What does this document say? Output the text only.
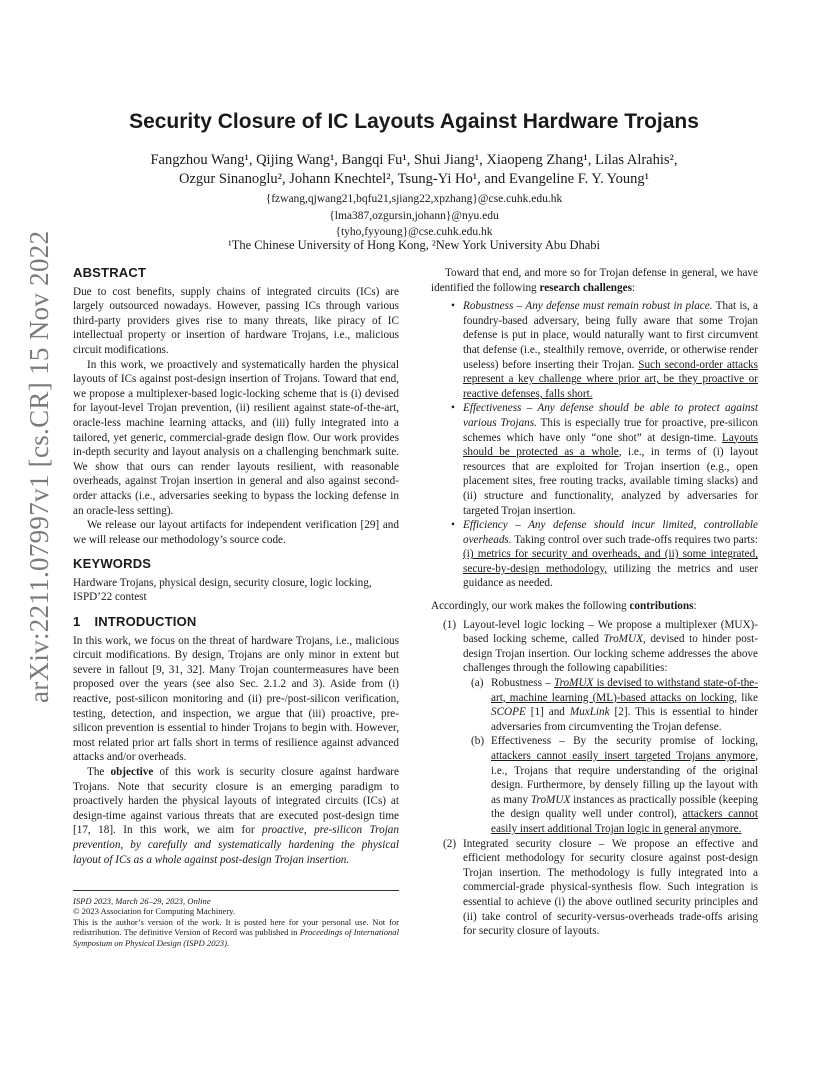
arXiv:2211.07997v1 [cs.CR] 15 Nov 2022
Security Closure of IC Layouts Against Hardware Trojans
Fangzhou Wang¹, Qijing Wang¹, Bangqi Fu¹, Shui Jiang¹, Xiaopeng Zhang¹, Lilas Alrahis²,
Ozgur Sinanoglu², Johann Knechtel², Tsung-Yi Ho¹, and Evangeline F. Y. Young¹
{fzwang,qjwang21,bqfu21,sjiang22,xpzhang}@cse.cuhk.edu.hk
{lma387,ozgursin,johann}@nyu.edu
{tyho,fyyoung}@cse.cuhk.edu.hk
¹The Chinese University of Hong Kong, ²New York University Abu Dhabi
ABSTRACT

Due to cost benefits, supply chains of integrated circuits (ICs) are largely outsourced nowadays. However, passing ICs through various third-party providers gives rise to many threats, like piracy of IC intellectual property or insertion of hardware Trojans, i.e., malicious circuit modifications.

In this work, we proactively and systematically harden the physical layouts of ICs against post-design insertion of Trojans. Toward that end, we propose a multiplexer-based logic-locking scheme that is (i) devised for layout-level Trojan prevention, (ii) resilient against state-of-the-art, oracle-less machine learning attacks, and (iii) fully integrated into a tailored, yet generic, commercial-grade design flow. Our work provides in-depth security and layout analysis on a challenging benchmark suite. We show that ours can render layouts resilient, with reasonable overheads, against Trojan insertion in general and also against second-order attacks (i.e., adversaries seeking to bypass the locking defense in an oracle-less setting).

We release our layout artifacts for independent verification [29] and we will release our methodology’s source code.

KEYWORDS

Hardware Trojans, physical design, security closure, logic locking, ISPD’22 contest

1 INTRODUCTION

In this work, we focus on the threat of hardware Trojans, i.e., malicious circuit modifications. By design, Trojans are only minor in extent but severe in fallout [9, 31, 32]. Many Trojan countermeasures have been proposed over the years (see also Sec. 2.1.2 and 3). Aside from (i) reactive, post-silicon monitoring and (ii) pre-/post-silicon verification, testing, detection, and inspection, we argue that (iii) proactive, pre-silicon prevention is essential to hinder Trojans to begin with. However, most related prior art falls short in terms of resilience against advanced attacks and/or overheads.

The objective of this work is security closure against hardware Trojans. Note that security closure is an emerging paradigm to proactively harden the physical layouts of integrated circuits (ICs) at design-time against various threats that are executed post-design time [17, 18]. In this work, we aim for proactive, pre-silicon Trojan prevention, by carefully and systematically hardening the physical layout of ICs as a whole against post-design Trojan insertion.

ISPD 2023, March 26–29, 2023, Online
© 2023 Association for Computing Machinery.
This is the author’s version of the work. It is posted here for your personal use. Not for redistribution. The definitive Version of Record was published in Proceedings of International Symposium on Physical Design (ISPD 2023).

Toward that end, and more so for Trojan defense in general, we have identified the following research challenges:

• Robustness – Any defense must remain robust in place. That is, a foundry-based adversary, being fully aware that some Trojan defense is put in place, would naturally want to first circumvent that defense (i.e., stealthily remove, override, or otherwise render useless) before inserting their Trojan. Such second-order attacks represent a key challenge where prior art, be they proactive or reactive defenses, falls short.
• Effectiveness – Any defense should be able to protect against various Trojans. This is especially true for proactive, pre-silicon schemes which have only “one shot” at design-time. Layouts should be protected as a whole, i.e., in terms of (i) layout resources that are exploited for Trojan insertion (e.g., open placement sites, free routing tracks, available timing slacks) and (ii) structure and functionality, analyzed by adversaries for targeted Trojan insertion.
• Efficiency – Any defense should incur limited, controllable overheads. Taking control over such trade-offs requires two parts: (i) metrics for security and overheads, and (ii) some integrated, secure-by-design methodology, utilizing the metrics and user guidance as needed.

Accordingly, our work makes the following contributions:

(1) Layout-level logic locking – We propose a multiplexer (MUX)-based locking scheme, called TroMUX, devised to hinder post-design Trojan insertion. Our locking scheme addresses the above challenges through the following capabilities:
(a) Robustness – TroMUX is devised to withstand state-of-the-art, machine learning (ML)-based attacks on locking, like SCOPE [1] and MuxLink [2]. This is essential to hinder adversaries from circumventing the Trojan defense.
(b) Effectiveness – By the security promise of locking, attackers cannot easily insert targeted Trojans anymore, i.e., Trojans that require understanding of the original design. Furthermore, by densely filling up the layout with as many TroMUX instances as practically possible (keeping the design quality well under control), attackers cannot easily insert additional Trojan logic in general anymore.
(2) Integrated security closure – We propose an effective and efficient methodology for security closure against post-design Trojan insertion. The methodology is fully integrated into a commercial-grade physical-synthesis flow. Such integration is essential to achieve (i) the above outlined security principles and (ii) take control of security-versus-overheads trade-offs arising for security closure of layouts.
